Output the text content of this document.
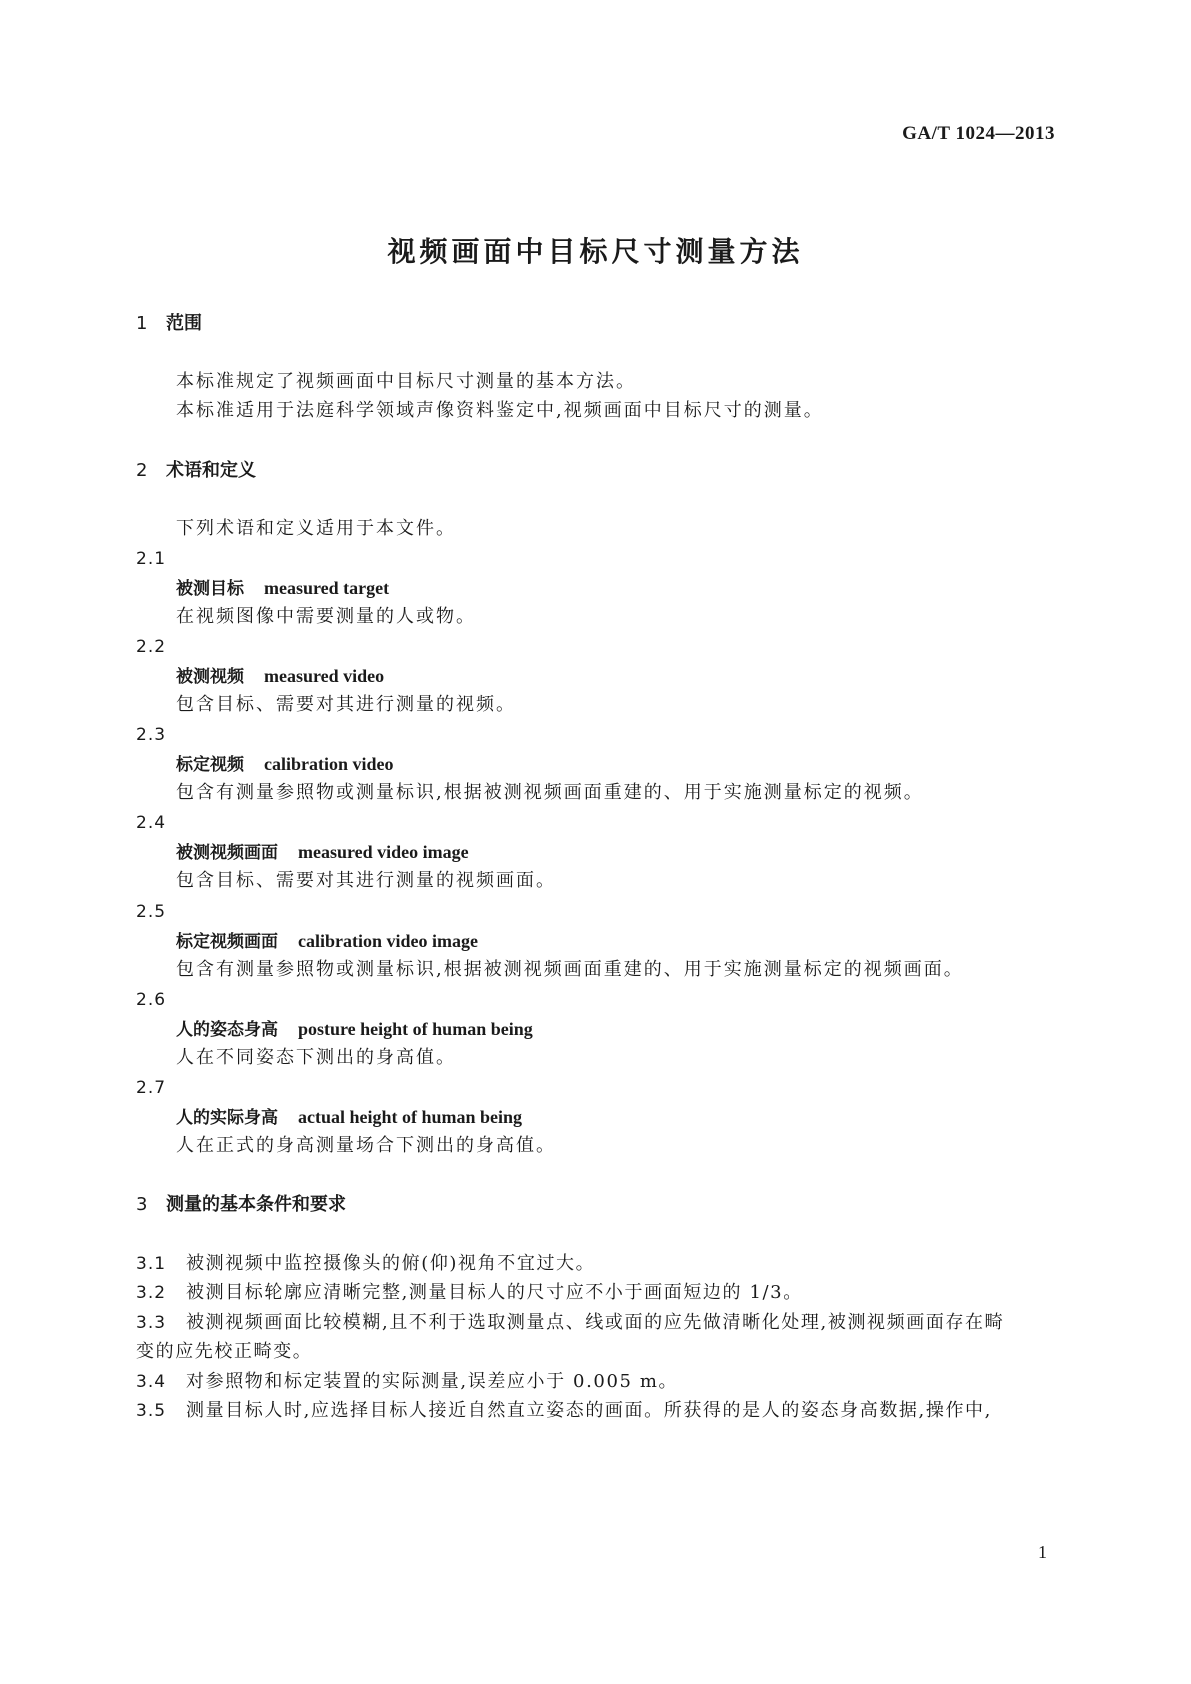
GA/T 1024—2013
视频画面中目标尺寸测量方法
1 范围
本标准规定了视频画面中目标尺寸测量的基本方法。
本标准适用于法庭科学领域声像资料鉴定中,视频画面中目标尺寸的测量。
2 术语和定义
下列术语和定义适用于本文件。
2.1
被测目标 measured target
在视频图像中需要测量的人或物。
2.2
被测视频 measured video
包含目标、需要对其进行测量的视频。
2.3
标定视频 calibration video
包含有测量参照物或测量标识,根据被测视频画面重建的、用于实施测量标定的视频。
2.4
被测视频画面 measured video image
包含目标、需要对其进行测量的视频画面。
2.5
标定视频画面 calibration video image
包含有测量参照物或测量标识,根据被测视频画面重建的、用于实施测量标定的视频画面。
2.6
人的姿态身高 posture height of human being
人在不同姿态下测出的身高值。
2.7
人的实际身高 actual height of human being
人在正式的身高测量场合下测出的身高值。
3 测量的基本条件和要求
3.1 被测视频中监控摄像头的俯(仰)视角不宜过大。
3.2 被测目标轮廓应清晰完整,测量目标人的尺寸应不小于画面短边的 1/3。
3.3 被测视频画面比较模糊,且不利于选取测量点、线或面的应先做清晰化处理,被测视频画面存在畸
变的应先校正畸变。
3.4 对参照物和标定装置的实际测量,误差应小于 0.005 m。
3.5 测量目标人时,应选择目标人接近自然直立姿态的画面。所获得的是人的姿态身高数据,操作中,
1
